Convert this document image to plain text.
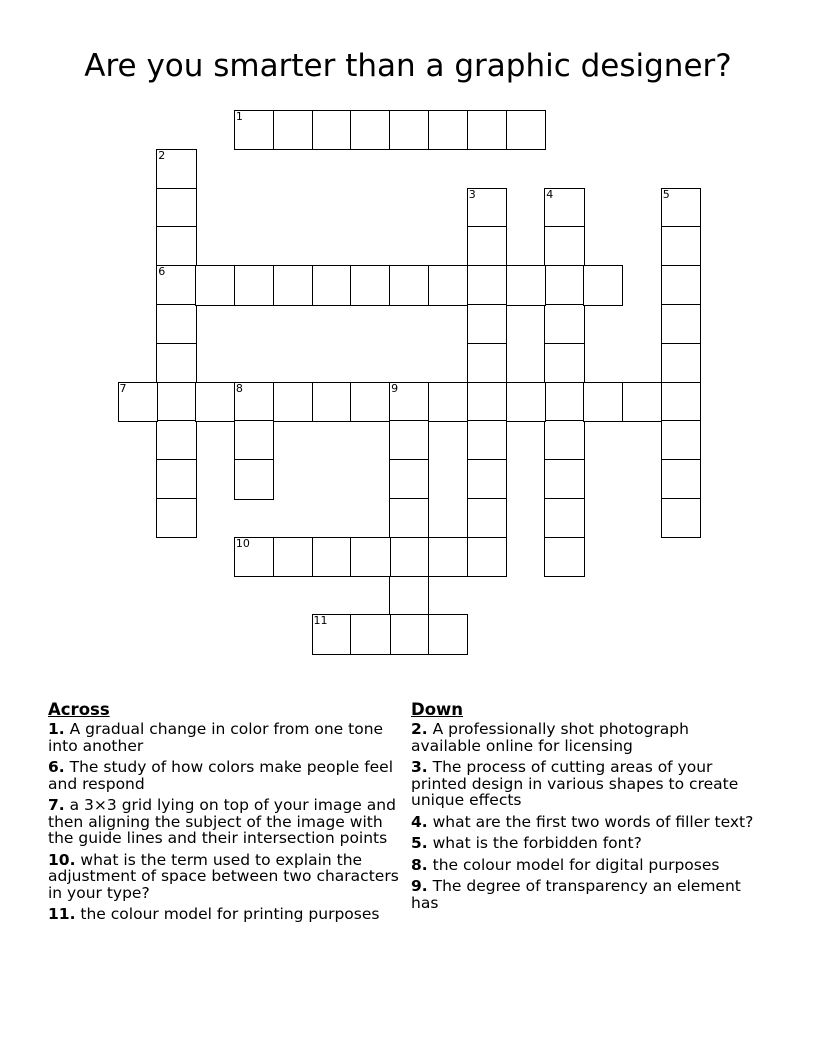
Are you smarter than a graphic designer?
1
2
6
3	4	5
7	8	9
10
11
Across
1. A gradual change in color from one tone into another
6. The study of how colors make people feel and respond
7. a 3×3 grid lying on top of your image and then aligning the subject of the image with the guide lines and their intersection points
10. what is the term used to explain the adjustment of space between two characters in your type?
11. the colour model for printing purposes
Down
2. A professionally shot photograph available online for licensing
3. The process of cutting areas of your printed design in various shapes to create unique effects
4. what are the first two words of filler text?
5. what is the forbidden font?
8. the colour model for digital purposes
9. The degree of transparency an element has
